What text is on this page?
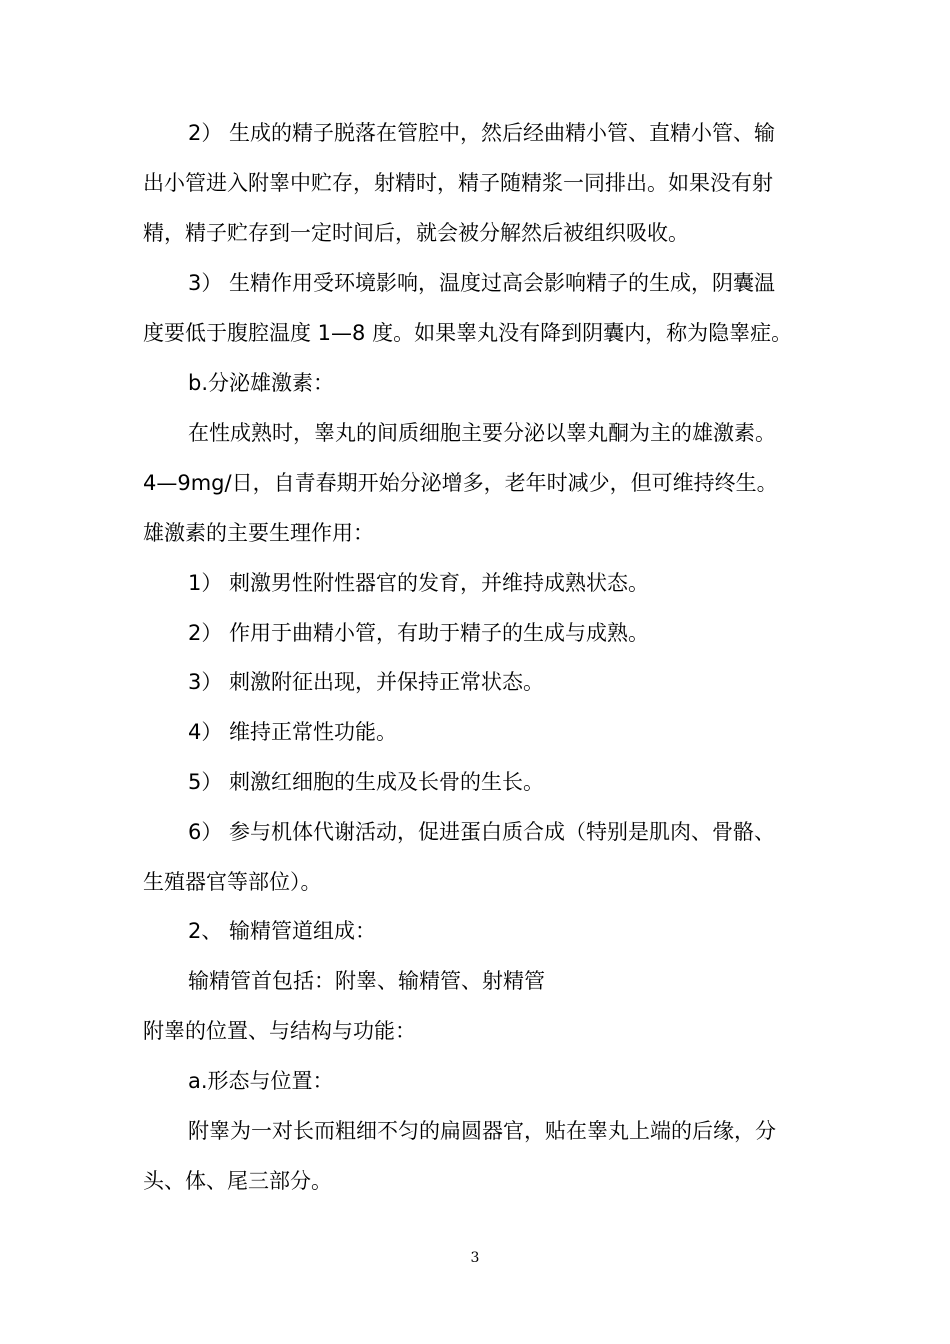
2） 生成的精子脱落在管腔中，然后经曲精小管、直精小管、输

出小管进入附睾中贮存，射精时，精子随精浆一同排出。如果没有射

精，精子贮存到一定时间后，就会被分解然后被组织吸收。

3） 生精作用受环境影响，温度过高会影响精子的生成，阴囊温

度要低于腹腔温度 1—8 度。如果睾丸没有降到阴囊内，称为隐睾症。

b.分泌雄激素：

在性成熟时，睾丸的间质细胞主要分泌以睾丸酮为主的雄激素。

4—9mg/日，自青春期开始分泌增多，老年时减少，但可维持终生。

雄激素的主要生理作用：

1） 刺激男性附性器官的发育，并维持成熟状态。

2） 作用于曲精小管，有助于精子的生成与成熟。

3） 刺激附征出现，并保持正常状态。

4） 维持正常性功能。

5） 刺激红细胞的生成及长骨的生长。

6） 参与机体代谢活动，促进蛋白质合成（特别是肌肉、骨骼、

生殖器官等部位）。

2、 输精管道组成：

输精管首包括：附睾、输精管、射精管

附睾的位置、与结构与功能：

a.形态与位置：

附睾为一对长而粗细不匀的扁圆器官，贴在睾丸上端的后缘，分

头、体、尾三部分。

3
